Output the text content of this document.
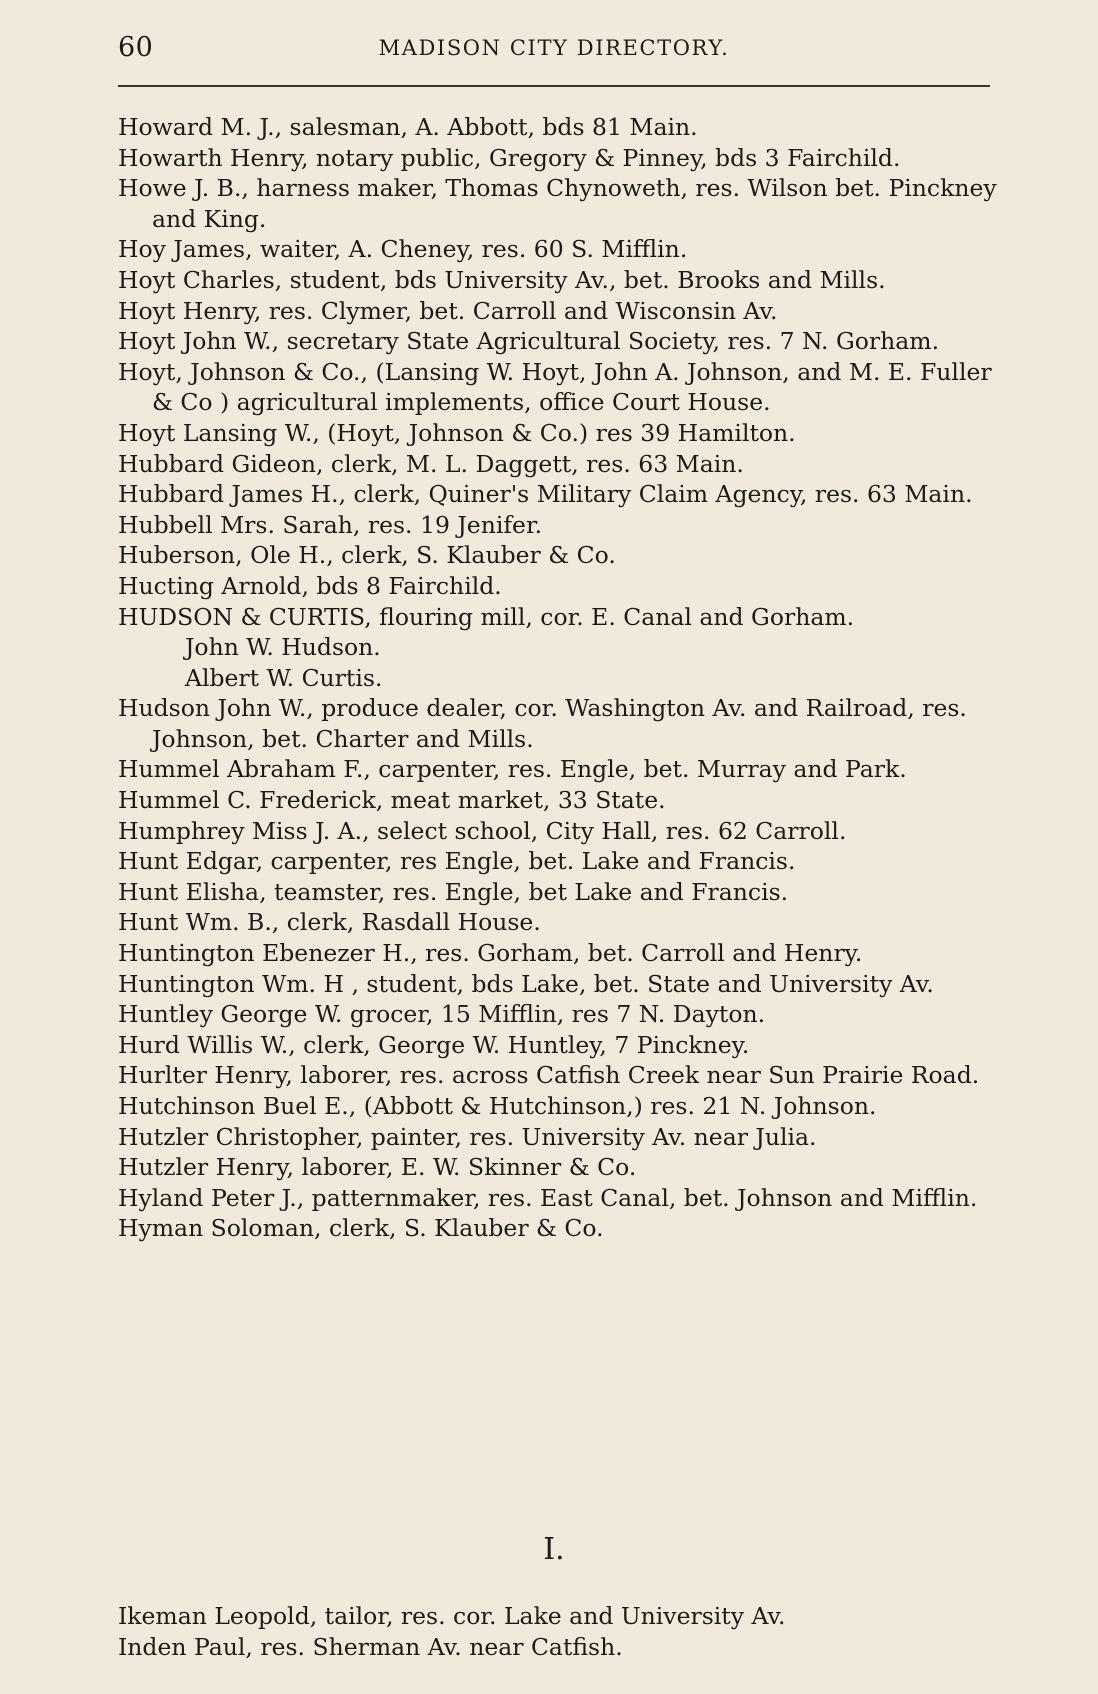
60	MADISON CITY DIRECTORY.
Howard M. J., salesman, A. Abbott, bds 81 Main.
Howarth Henry, notary public, Gregory & Pinney, bds 3 Fairchild.
Howe J. B., harness maker, Thomas Chynoweth, res. Wilson bet. Pinckney and King.
Hoy James, waiter, A. Cheney, res. 60 S. Mifflin.
Hoyt Charles, student, bds University Av., bet. Brooks and Mills.
Hoyt Henry, res. Clymer, bet. Carroll and Wisconsin Av.
Hoyt John W., secretary State Agricultural Society, res. 7 N. Gorham.
Hoyt, Johnson & Co., (Lansing W. Hoyt, John A. Johnson, and M. E. Fuller & Co ) agricultural implements, office Court House.
Hoyt Lansing W., (Hoyt, Johnson & Co.) res 39 Hamilton.
Hubbard Gideon, clerk, M. L. Daggett, res. 63 Main.
Hubbard James H., clerk, Quiner's Military Claim Agency, res. 63 Main.
Hubbell Mrs. Sarah, res. 19 Jenifer.
Huberson, Ole H., clerk, S. Klauber & Co.
Hucting Arnold, bds 8 Fairchild.
HUDSON & CURTIS, flouring mill, cor. E. Canal and Gorham.
John W. Hudson.
Albert W. Curtis.
Hudson John W., produce dealer, cor. Washington Av. and Railroad, res. Johnson, bet. Charter and Mills.
Hummel Abraham F., carpenter, res. Engle, bet. Murray and Park.
Hummel C. Frederick, meat market, 33 State.
Humphrey Miss J. A., select school, City Hall, res. 62 Carroll.
Hunt Edgar, carpenter, res Engle, bet. Lake and Francis.
Hunt Elisha, teamster, res. Engle, bet Lake and Francis.
Hunt Wm. B., clerk, Rasdall House.
Huntington Ebenezer H., res. Gorham, bet. Carroll and Henry.
Huntington Wm. H , student, bds Lake, bet. State and University Av.
Huntley George W. grocer, 15 Mifflin, res 7 N. Dayton.
Hurd Willis W., clerk, George W. Huntley, 7 Pinckney.
Hurlter Henry, laborer, res. across Catfish Creek near Sun Prairie Road.
Hutchinson Buel E., (Abbott & Hutchinson,) res. 21 N. Johnson.
Hutzler Christopher, painter, res. University Av. near Julia.
Hutzler Henry, laborer, E. W. Skinner & Co.
Hyland Peter J., patternmaker, res. East Canal, bet. Johnson and Mifflin.
Hyman Soloman, clerk, S. Klauber & Co.
I.
Ikeman Leopold, tailor, res. cor. Lake and University Av.
Inden Paul, res. Sherman Av. near Catfish.
